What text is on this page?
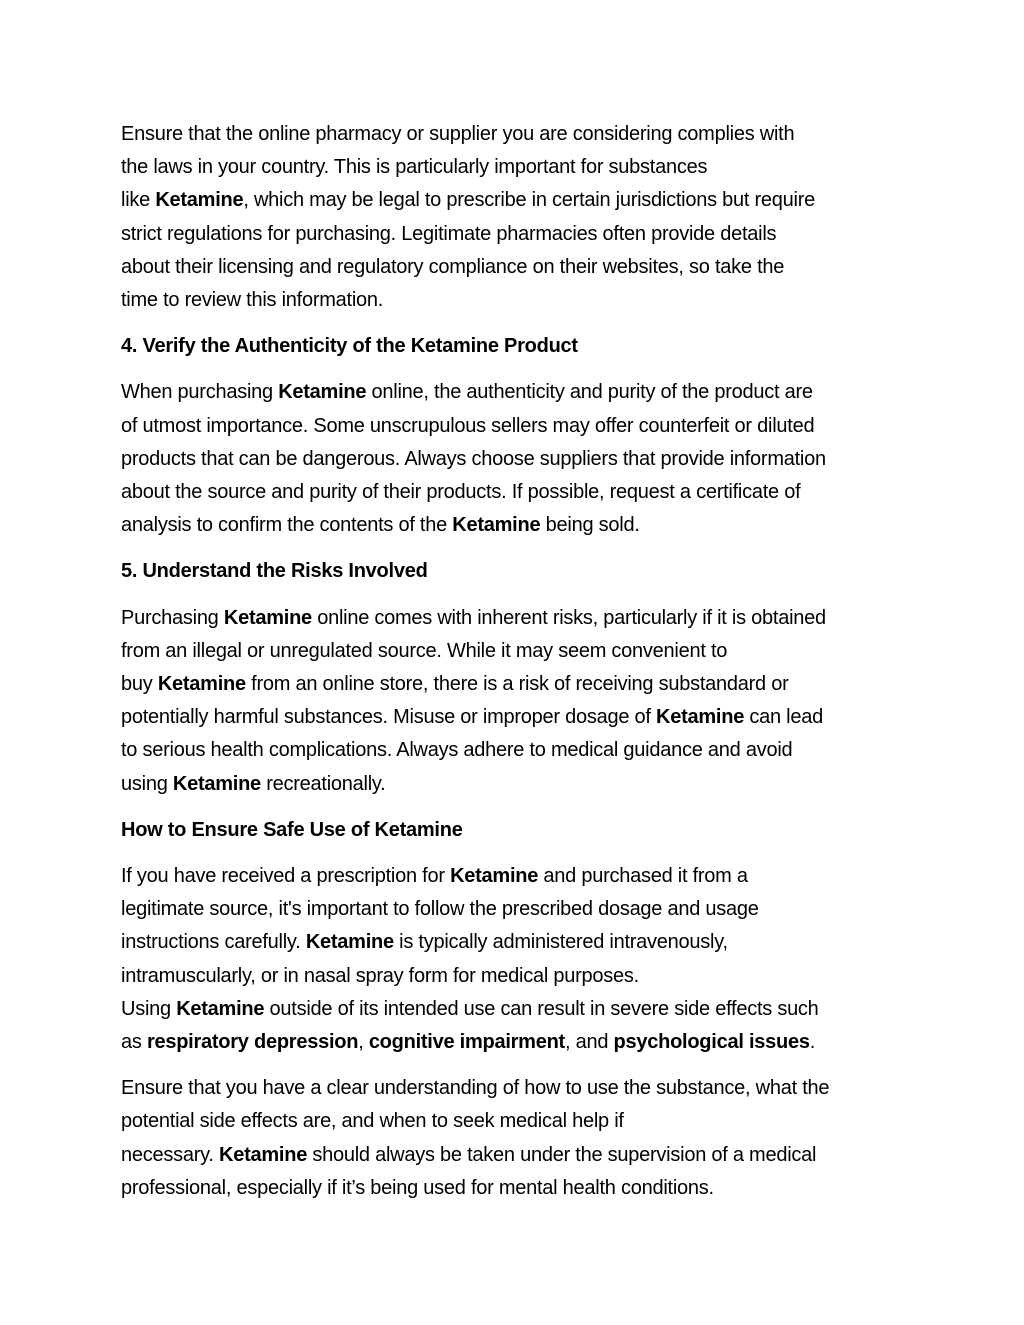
Ensure that the online pharmacy or supplier you are considering complies with
the laws in your country. This is particularly important for substances
like Ketamine, which may be legal to prescribe in certain jurisdictions but require
strict regulations for purchasing. Legitimate pharmacies often provide details
about their licensing and regulatory compliance on their websites, so take the
time to review this information.

4. Verify the Authenticity of the Ketamine Product

When purchasing Ketamine online, the authenticity and purity of the product are
of utmost importance. Some unscrupulous sellers may offer counterfeit or diluted
products that can be dangerous. Always choose suppliers that provide information
about the source and purity of their products. If possible, request a certificate of
analysis to confirm the contents of the Ketamine being sold.

5. Understand the Risks Involved

Purchasing Ketamine online comes with inherent risks, particularly if it is obtained
from an illegal or unregulated source. While it may seem convenient to
buy Ketamine from an online store, there is a risk of receiving substandard or
potentially harmful substances. Misuse or improper dosage of Ketamine can lead
to serious health complications. Always adhere to medical guidance and avoid
using Ketamine recreationally.

How to Ensure Safe Use of Ketamine

If you have received a prescription for Ketamine and purchased it from a
legitimate source, it's important to follow the prescribed dosage and usage
instructions carefully. Ketamine is typically administered intravenously,
intramuscularly, or in nasal spray form for medical purposes.
Using Ketamine outside of its intended use can result in severe side effects such
as respiratory depression, cognitive impairment, and psychological issues.

Ensure that you have a clear understanding of how to use the substance, what the
potential side effects are, and when to seek medical help if
necessary. Ketamine should always be taken under the supervision of a medical
professional, especially if it’s being used for mental health conditions.
